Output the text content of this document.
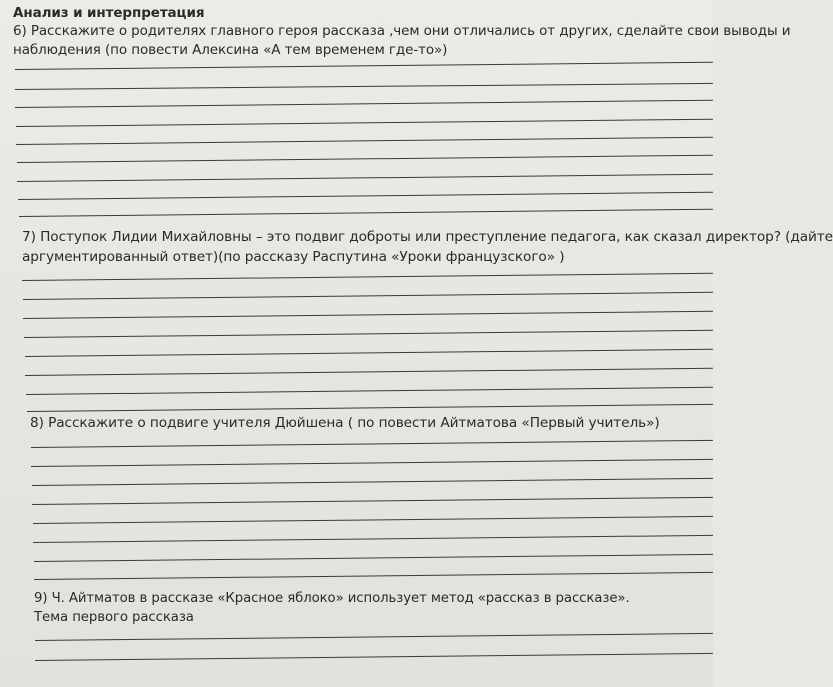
Анализ и интерпретация
6) Расскажите о родителях главного героя рассказа ,чем они отличались от других, сделайте свои выводы и
наблюдения (по повести Алексина «А тем временем где-то»)
7) Поступок Лидии Михайловны – это подвиг доброты или преступление педагога, как сказал директор? (дайте
аргументированный ответ)(по рассказу Распутина «Уроки французского» )
8) Расскажите о подвиге учителя Дюйшена ( по повести Айтматова «Первый учитель»)
9) Ч. Айтматов в рассказе «Красное яблоко» использует метод «рассказ в рассказе».
Тема первого рассказа
